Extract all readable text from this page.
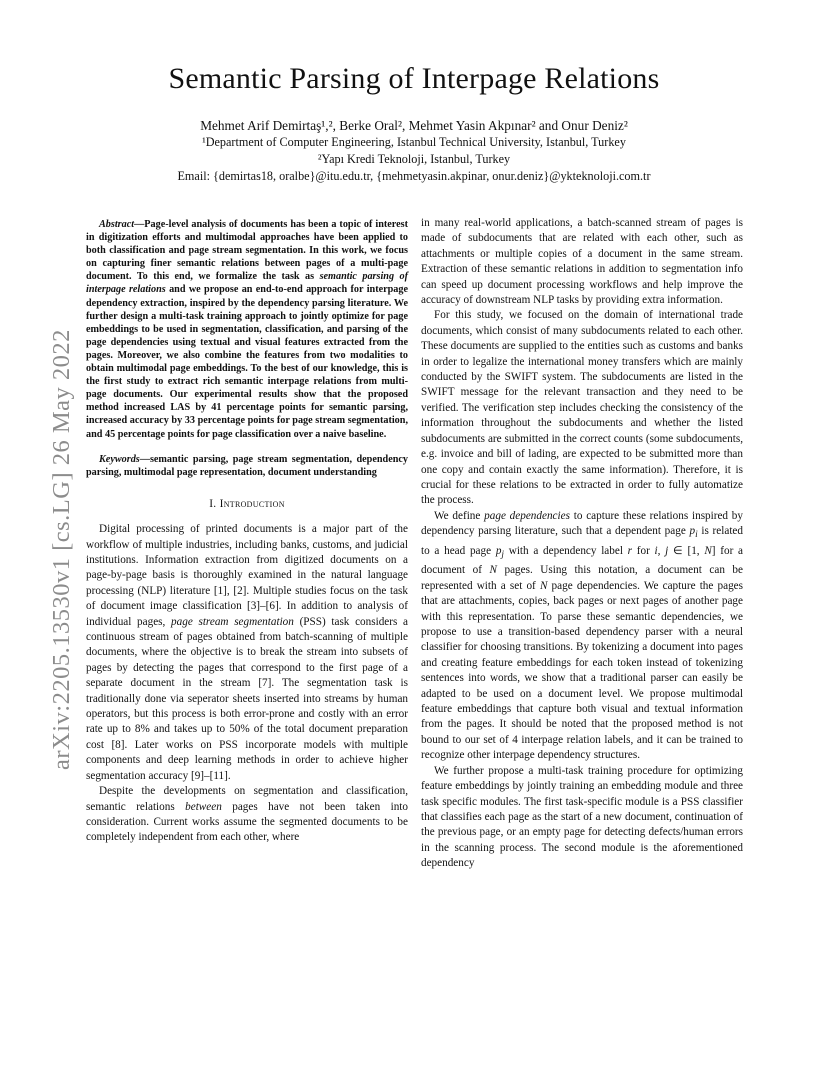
Semantic Parsing of Interpage Relations
Mehmet Arif Demirtaş¹,², Berke Oral², Mehmet Yasin Akpınar² and Onur Deniz²
¹Department of Computer Engineering, Istanbul Technical University, Istanbul, Turkey
²Yapı Kredi Teknoloji, Istanbul, Turkey
Email: {demirtas18, oralbe}@itu.edu.tr, {mehmetyasin.akpinar, onur.deniz}@ykteknoloji.com.tr
arXiv:2205.13530v1 [cs.LG] 26 May 2022

Abstract—Page-level analysis of documents has been a topic of interest in digitization efforts and multimodal approaches have been applied to both classification and page stream segmentation. In this work, we focus on capturing finer semantic relations between pages of a multi-page document. To this end, we formalize the task as semantic parsing of interpage relations and we propose an end-to-end approach for interpage dependency extraction, inspired by the dependency parsing literature. We further design a multi-task training approach to jointly optimize for page embeddings to be used in segmentation, classification, and parsing of the page dependencies using textual and visual features extracted from the pages. Moreover, we also combine the features from two modalities to obtain multimodal page embeddings. To the best of our knowledge, this is the first study to extract rich semantic interpage relations from multi-page documents. Our experimental results show that the proposed method increased LAS by 41 percentage points for semantic parsing, increased accuracy by 33 percentage points for page stream segmentation, and 45 percentage points for page classification over a naive baseline.

Keywords—semantic parsing, page stream segmentation, dependency parsing, multimodal page representation, document understanding

I. Introduction

Digital processing of printed documents is a major part of the workflow of multiple industries, including banks, customs, and judicial institutions. Information extraction from digitized documents on a page-by-page basis is thoroughly examined in the natural language processing (NLP) literature [1], [2]. Multiple studies focus on the task of document image classification [3]–[6]. In addition to analysis of individual pages, page stream segmentation (PSS) task considers a continuous stream of pages obtained from batch-scanning of multiple documents, where the objective is to break the stream into subsets of pages by detecting the pages that correspond to the first page of a separate document in the stream [7]. The segmentation task is traditionally done via seperator sheets inserted into streams by human operators, but this process is both error-prone and costly with an error rate up to 8% and takes up to 50% of the total document preparation cost [8]. Later works on PSS incorporate models with multiple components and deep learning methods in order to achieve higher segmentation accuracy [9]–[11].

Despite the developments on segmentation and classification, semantic relations between pages have not been taken into consideration. Current works assume the segmented documents to be completely independent from each other, where

in many real-world applications, a batch-scanned stream of pages is made of subdocuments that are related with each other, such as attachments or multiple copies of a document in the same stream. Extraction of these semantic relations in addition to segmentation info can speed up document processing workflows and help improve the accuracy of downstream NLP tasks by providing extra information.

For this study, we focused on the domain of international trade documents, which consist of many subdocuments related to each other. These documents are supplied to the entities such as customs and banks in order to legalize the international money transfers which are mainly conducted by the SWIFT system. The subdocuments are listed in the SWIFT message for the relevant transaction and they need to be verified. The verification step includes checking the consistency of the information throughout the subdocuments and whether the listed subdocuments are submitted in the correct counts (some subdocuments, e.g. invoice and bill of lading, are expected to be submitted more than one copy and contain exactly the same information). Therefore, it is crucial for these relations to be extracted in order to fully automatize the process.

We define page dependencies to capture these relations inspired by dependency parsing literature, such that a dependent page $p_i$ is related to a head page $p_j$ with a dependency label r for i, j ∈ [1, N] for a document of N pages. Using this notation, a document can be represented with a set of N page dependencies. We capture the pages that are attachments, copies, back pages or next pages of another page with this representation. To parse these semantic dependencies, we propose to use a transition-based dependency parser with a neural classifier for choosing transitions. By tokenizing a document into pages and creating feature embeddings for each token instead of tokenizing sentences into words, we show that a traditional parser can easily be adapted to be used on a document level. We propose multimodal feature embeddings that capture both visual and textual information from the pages. It should be noted that the proposed method is not bound to our set of 4 interpage relation labels, and it can be trained to recognize other interpage dependency structures.

We further propose a multi-task training procedure for optimizing feature embeddings by jointly training an embedding module and three task specific modules. The first task-specific module is a PSS classifier that classifies each page as the start of a new document, continuation of the previous page, or an empty page for detecting defects/human errors in the scanning process. The second module is the aforementioned dependency
